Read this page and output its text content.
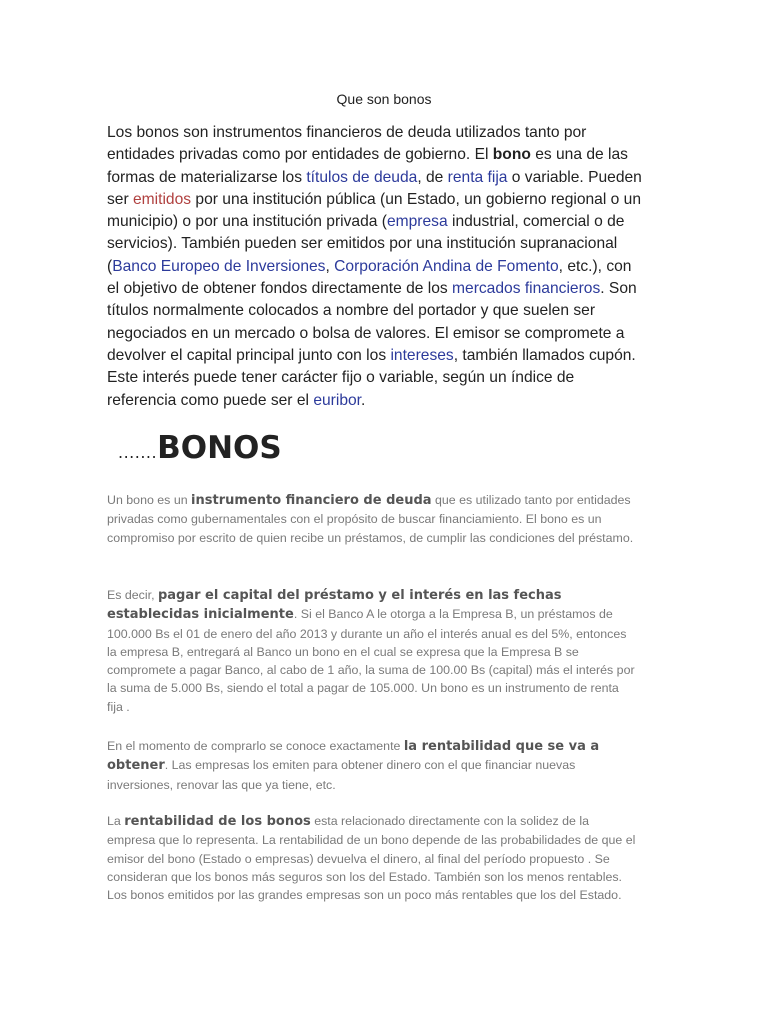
Que son bonos

Los bonos son instrumentos financieros de deuda utilizados tanto por entidades privadas como por entidades de gobierno. El bono es una de las formas de materializarse los títulos de deuda, de renta fija o variable. Pueden ser emitidos por una institución pública (un Estado, un gobierno regional o un municipio) o por una institución privada (empresa industrial, comercial o de servicios). También pueden ser emitidos por una institución supranacional (Banco Europeo de Inversiones, Corporación Andina de Fomento, etc.), con el objetivo de obtener fondos directamente de los mercados financieros. Son títulos normalmente colocados a nombre del portador y que suelen ser negociados en un mercado o bolsa de valores. El emisor se compromete a devolver el capital principal junto con los intereses, también llamados cupón. Este interés puede tener carácter fijo o variable, según un índice de referencia como puede ser el euribor.

.......BONOS

Un bono es un instrumento financiero de deuda que es utilizado tanto por entidades privadas como gubernamentales con el propósito de buscar financiamiento. El bono es un compromiso por escrito de quien recibe un préstamos, de cumplir las condiciones del préstamo.

Es decir, pagar el capital del préstamo y el interés en las fechas establecidas inicialmente. Si el Banco A le otorga a la Empresa B, un préstamos de 100.000 Bs el 01 de enero del año 2013 y durante un año el interés anual es del 5%, entonces la empresa B, entregará al Banco un bono en el cual se expresa que la Empresa B se compromete a pagar Banco, al cabo de 1 año, la suma de 100.00 Bs (capital) más el interés por la suma de 5.000 Bs, siendo el total a pagar de 105.000. Un bono es un instrumento de renta fija .

En el momento de comprarlo se conoce exactamente la rentabilidad que se va a obtener. Las empresas los emiten para obtener dinero con el que financiar nuevas inversiones, renovar las que ya tiene, etc.

La rentabilidad de los bonos esta relacionado directamente con la solidez de la empresa que lo representa. La rentabilidad de un bono depende de las probabilidades de que el emisor del bono (Estado o empresas) devuelva el dinero, al final del período propuesto . Se consideran que los bonos más seguros son los del Estado. También son los menos rentables. Los bonos emitidos por las grandes empresas son un poco más rentables que los del Estado.
